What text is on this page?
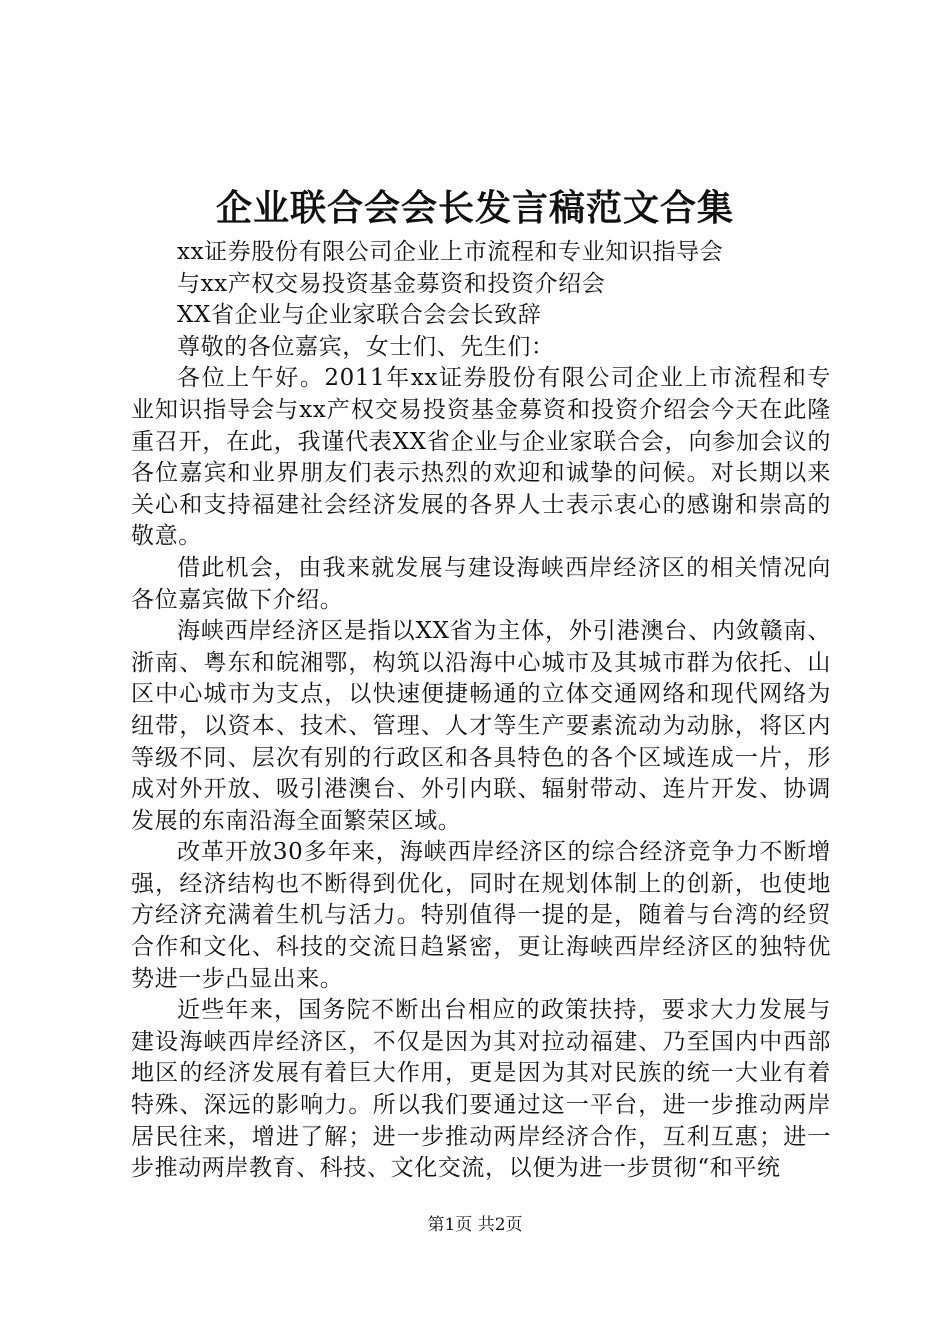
企业联合会会长发言稿范文合集

xx证券股份有限公司企业上市流程和专业知识指导会

与xx产权交易投资基金募资和投资介绍会

XX省企业与企业家联合会会长致辞

尊敬的各位嘉宾，女士们、先生们：

各位上午好。2011年xx证券股份有限公司企业上市流程和专业知识指导会与xx产权交易投资基金募资和投资介绍会今天在此隆重召开，在此，我谨代表XX省企业与企业家联合会，向参加会议的各位嘉宾和业界朋友们表示热烈的欢迎和诚挚的问候。对长期以来关心和支持福建社会经济发展的各界人士表示衷心的感谢和崇高的敬意。

借此机会，由我来就发展与建设海峡西岸经济区的相关情况向各位嘉宾做下介绍。

海峡西岸经济区是指以XX省为主体，外引港澳台、内敛赣南、浙南、粤东和皖湘鄂，构筑以沿海中心城市及其城市群为依托、山区中心城市为支点，以快速便捷畅通的立体交通网络和现代网络为纽带，以资本、技术、管理、人才等生产要素流动为动脉，将区内等级不同、层次有别的行政区和各具特色的各个区域连成一片，形成对外开放、吸引港澳台、外引内联、辐射带动、连片开发、协调发展的东南沿海全面繁荣区域。

改革开放30多年来，海峡西岸经济区的综合经济竞争力不断增强，经济结构也不断得到优化，同时在规划体制上的创新，也使地方经济充满着生机与活力。特别值得一提的是，随着与台湾的经贸合作和文化、科技的交流日趋紧密，更让海峡西岸经济区的独特优势进一步凸显出来。

近些年来，国务院不断出台相应的政策扶持，要求大力发展与建设海峡西岸经济区，不仅是因为其对拉动福建、乃至国内中西部地区的经济发展有着巨大作用，更是因为其对民族的统一大业有着特殊、深远的影响力。所以我们要通过这一平台，进一步推动两岸居民往来，增进了解；进一步推动两岸经济合作，互利互惠；进一步推动两岸教育、科技、文化交流，以便为进一步贯彻“和平统

第1页 共2页
